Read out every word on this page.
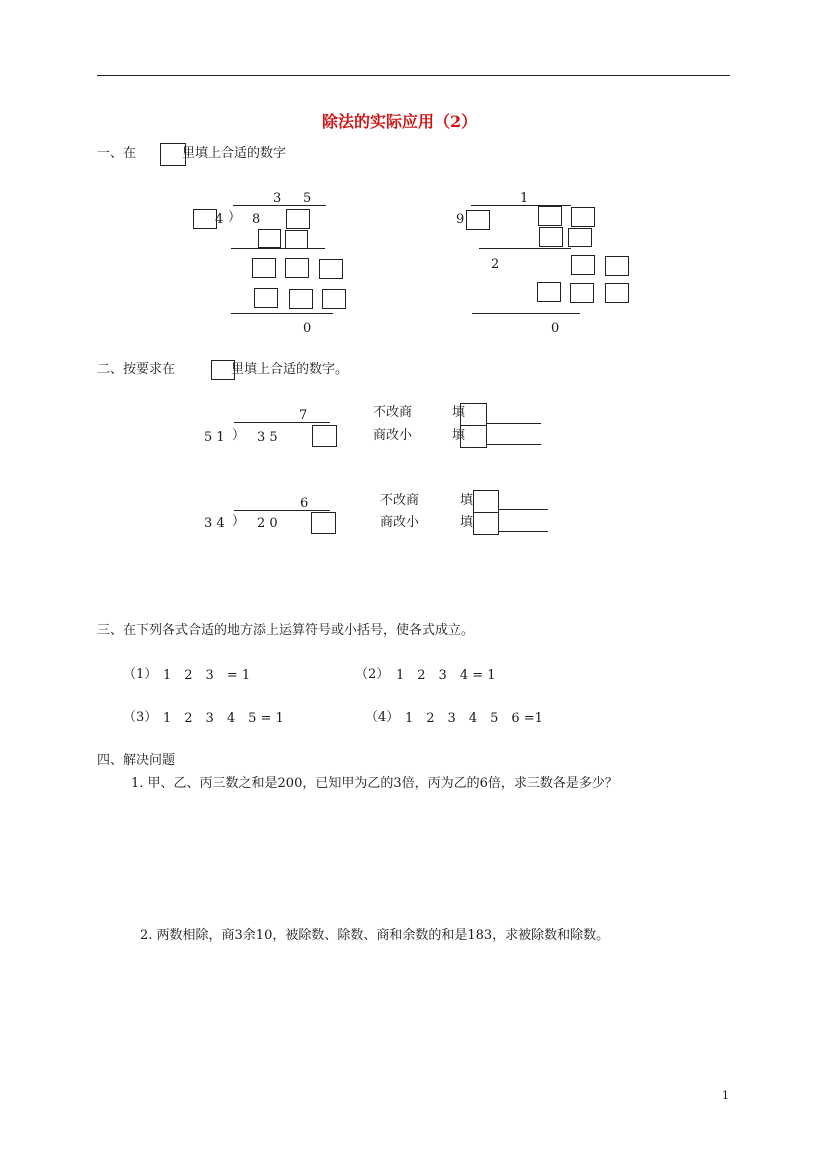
除法的实际应用（2）
一、在	里填上合适的数字
3 5
4 ） 8
0
1
9
2
0
二、按要求在	里填上合适的数字。
7
5 1 ） 3 5
不改商	填
商改小	填
6
3 4 ） 2 0
不改商	填
商改小	填
三、在下列各式合适的地方添上运算符号或小括号，使各式成立。
（1） 1　2　3　= 1	（2） 1　2　3　4 = 1
（3） 1　2　3　4　5 = 1	（4） 1　2　3　4　5　6 =1
四、解决问题
1. 甲、乙、丙三数之和是200，已知甲为乙的3倍，丙为乙的6倍，求三数各是多少？
2. 两数相除，商3余10，被除数、除数、商和余数的和是183，求被除数和除数。
1
